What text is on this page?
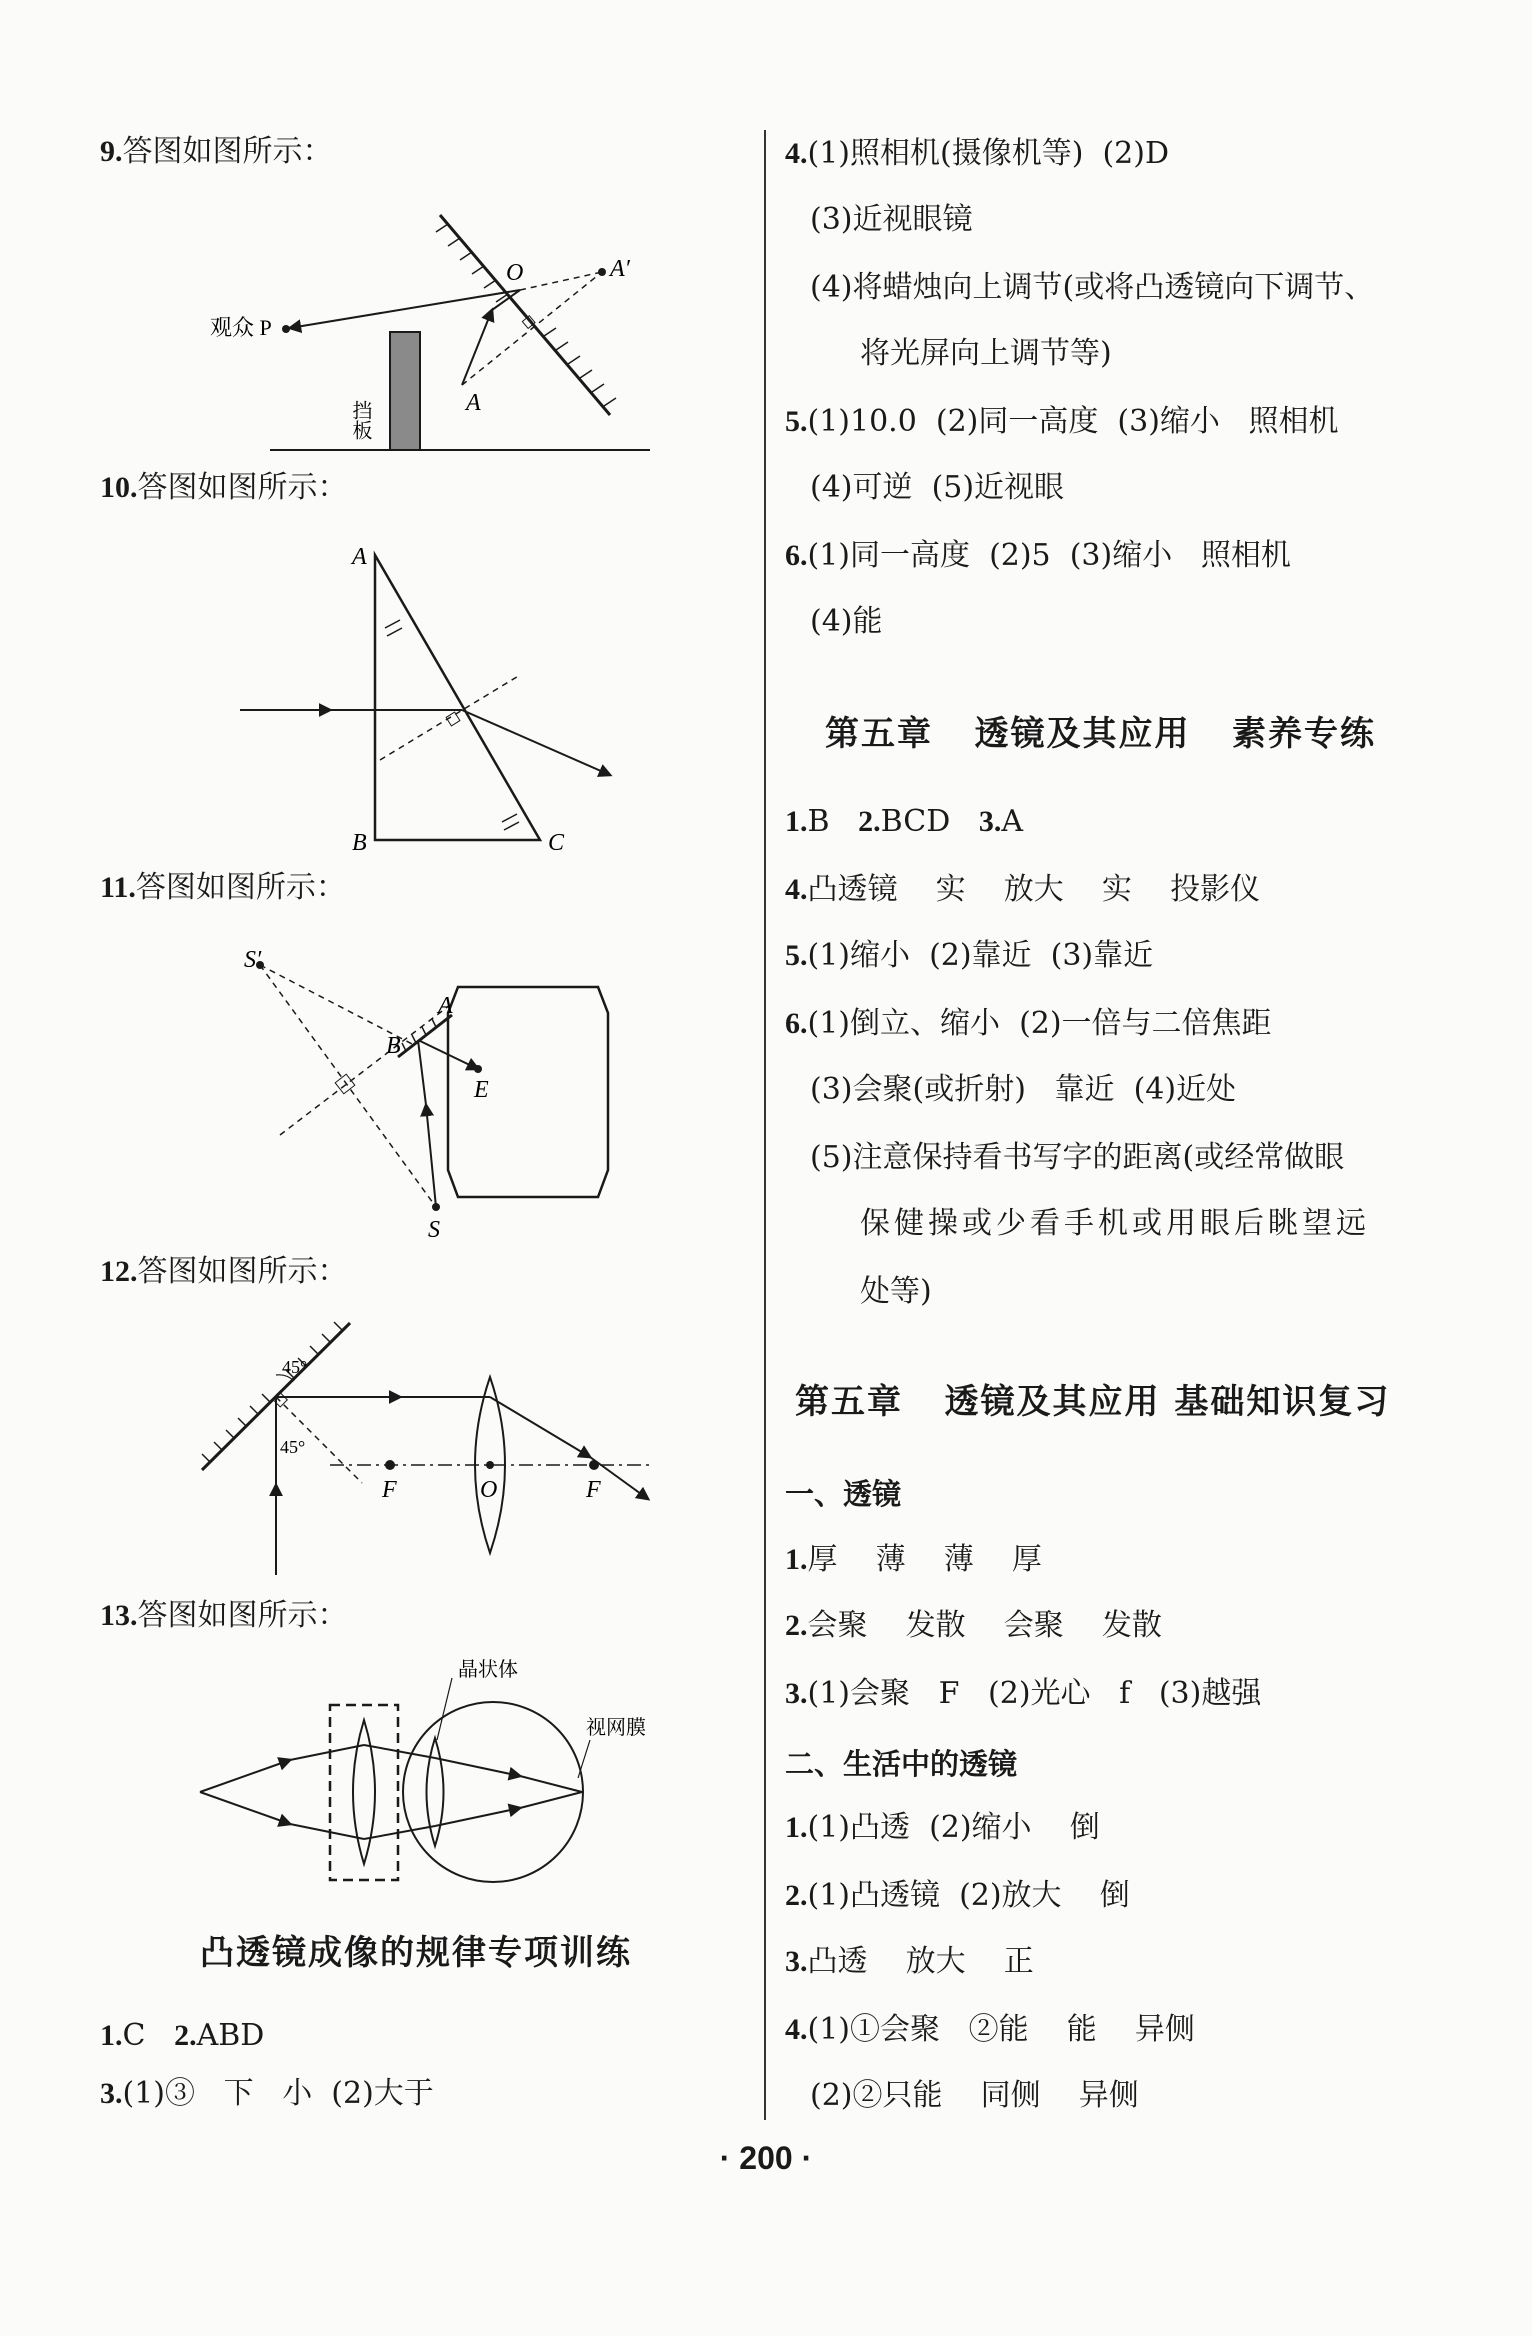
9.答图如图所示：
O	A′
观众 P
A
挡板
10.答图如图所示：
A
B	C
11.答图如图所示：
S′
B
A
E
S
12.答图如图所示：
45°
45°
F	O	F
13.答图如图所示：
晶状体
视网膜
凸透镜成像的规律专项训练
1.C   2.ABD
3.(1)③   下   小  (2)大于
4.(1)照相机(摄像机等)  (2)D
(3)近视眼镜
(4)将蜡烛向上调节(或将凸透镜向下调节、
将光屏向上调节等)
5.(1)10.0  (2)同一高度  (3)缩小   照相机
(4)可逆  (5)近视眼
6.(1)同一高度  (2)5  (3)缩小   照相机
(4)能
第五章   透镜及其应用   素养专练
1.B   2.BCD   3.A
4.凸透镜    实    放大    实    投影仪
5.(1)缩小  (2)靠近  (3)靠近
6.(1)倒立、缩小  (2)一倍与二倍焦距
(3)会聚(或折射)   靠近  (4)近处
(5)注意保持看书写字的距离(或经常做眼
保健操或少看手机或用眼后眺望远
处等)
第五章   透镜及其应用 基础知识复习
一、透镜
1.厚    薄    薄    厚
2.会聚    发散    会聚    发散
3.(1)会聚   F   (2)光心   f   (3)越强
二、生活中的透镜
1.(1)凸透  (2)缩小    倒
2.(1)凸透镜  (2)放大    倒
3.凸透    放大    正
4.(1)①会聚   ②能    能    异侧
(2)②只能    同侧    异侧
· 200 ·
